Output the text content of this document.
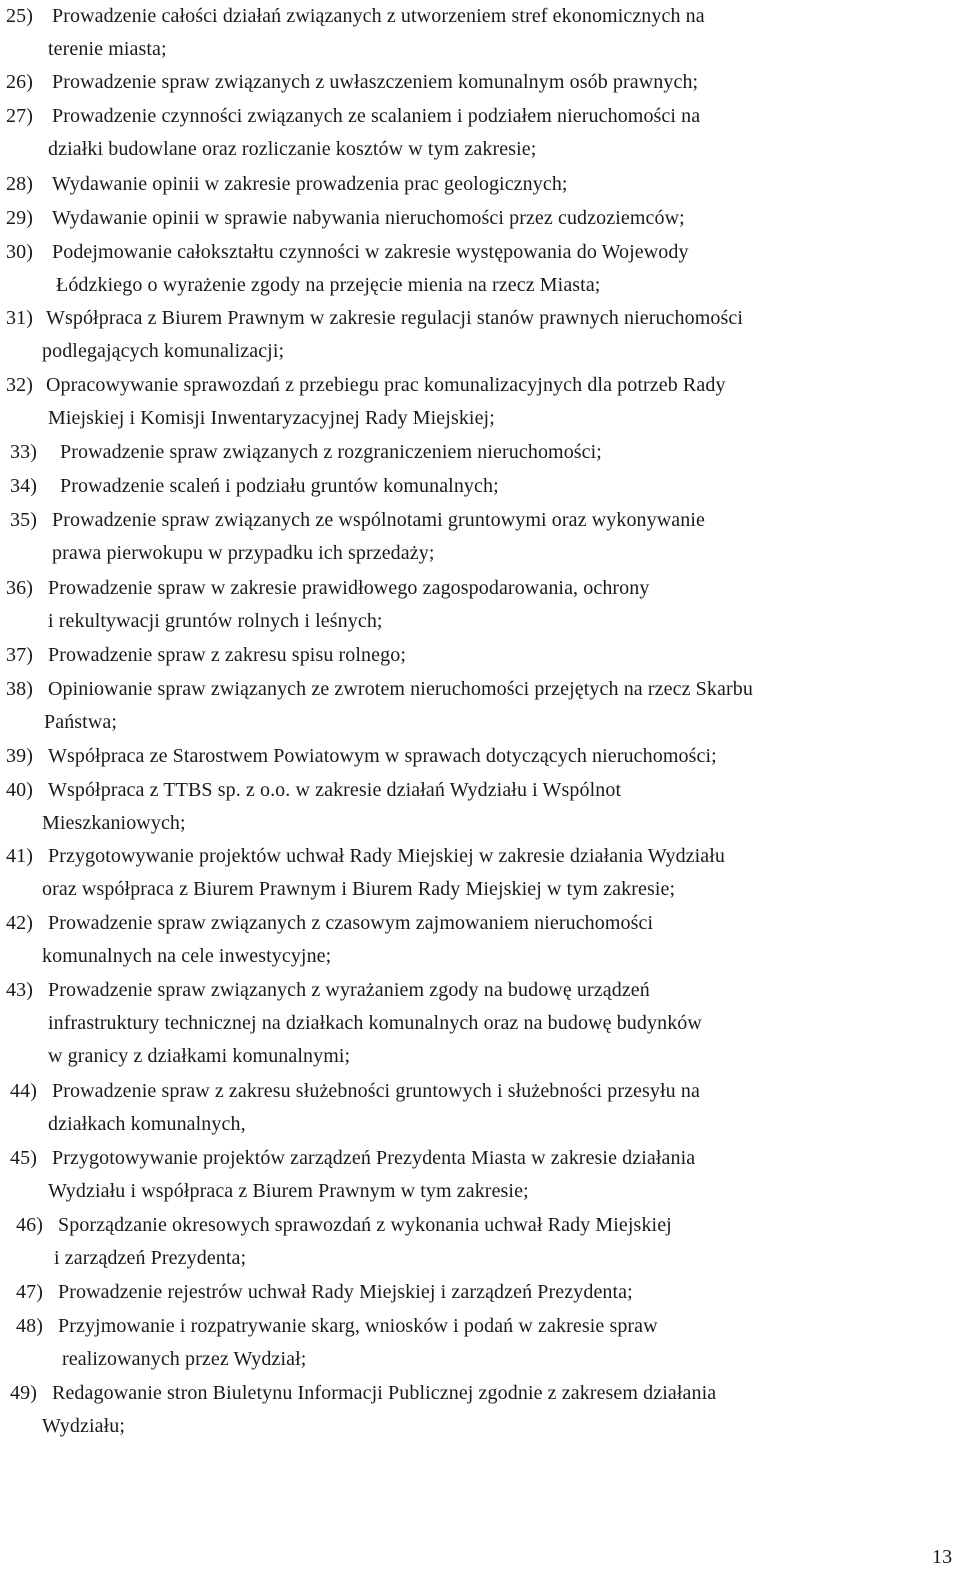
25) Prowadzenie całości działań związanych z utworzeniem stref ekonomicznych na
terenie miasta;
26) Prowadzenie spraw związanych z uwłaszczeniem komunalnym osób prawnych;
27) Prowadzenie czynności związanych ze scalaniem i podziałem nieruchomości na
działki budowlane oraz rozliczanie kosztów w tym zakresie;
28) Wydawanie opinii w zakresie prowadzenia prac geologicznych;
29) Wydawanie opinii w sprawie nabywania nieruchomości przez cudzoziemców;
30) Podejmowanie całokształtu czynności w zakresie występowania do Wojewody
Łódzkiego o wyrażenie zgody na przejęcie mienia na rzecz Miasta;
31) Współpraca z Biurem Prawnym w zakresie regulacji stanów prawnych nieruchomości
podlegających komunalizacji;
32) Opracowywanie sprawozdań z przebiegu prac komunalizacyjnych dla potrzeb Rady
Miejskiej i Komisji Inwentaryzacyjnej Rady Miejskiej;
33) Prowadzenie spraw związanych z rozgraniczeniem nieruchomości;
34) Prowadzenie scaleń i podziału gruntów komunalnych;
35) Prowadzenie spraw związanych ze wspólnotami gruntowymi oraz wykonywanie
prawa pierwokupu w przypadku ich sprzedaży;
36) Prowadzenie spraw w zakresie prawidłowego zagospodarowania, ochrony
i rekultywacji gruntów rolnych i leśnych;
37) Prowadzenie spraw z zakresu spisu rolnego;
38) Opiniowanie spraw związanych ze zwrotem nieruchomości przejętych na rzecz Skarbu
Państwa;
39) Współpraca ze Starostwem Powiatowym w sprawach dotyczących nieruchomości;
40) Współpraca z TTBS sp. z o.o. w zakresie działań Wydziału i Wspólnot
Mieszkaniowych;
41) Przygotowywanie projektów uchwał Rady Miejskiej w zakresie działania Wydziału
oraz współpraca z Biurem Prawnym i Biurem Rady Miejskiej w tym zakresie;
42) Prowadzenie spraw związanych z czasowym zajmowaniem nieruchomości
komunalnych na cele inwestycyjne;
43) Prowadzenie spraw związanych z wyrażaniem zgody na budowę urządzeń
infrastruktury technicznej na działkach komunalnych oraz na budowę budynków
w granicy z działkami komunalnymi;
44) Prowadzenie spraw z zakresu służebności gruntowych i służebności przesyłu na
działkach komunalnych,
45) Przygotowywanie projektów zarządzeń Prezydenta Miasta w zakresie działania
Wydziału i współpraca z Biurem Prawnym w tym zakresie;
46) Sporządzanie okresowych sprawozdań z wykonania uchwał Rady Miejskiej
i zarządzeń Prezydenta;
47) Prowadzenie rejestrów uchwał Rady Miejskiej i zarządzeń Prezydenta;
48) Przyjmowanie i rozpatrywanie skarg, wniosków i podań w zakresie spraw
realizowanych przez Wydział;
49) Redagowanie stron Biuletynu Informacji Publicznej zgodnie z zakresem działania
Wydziału;
13
